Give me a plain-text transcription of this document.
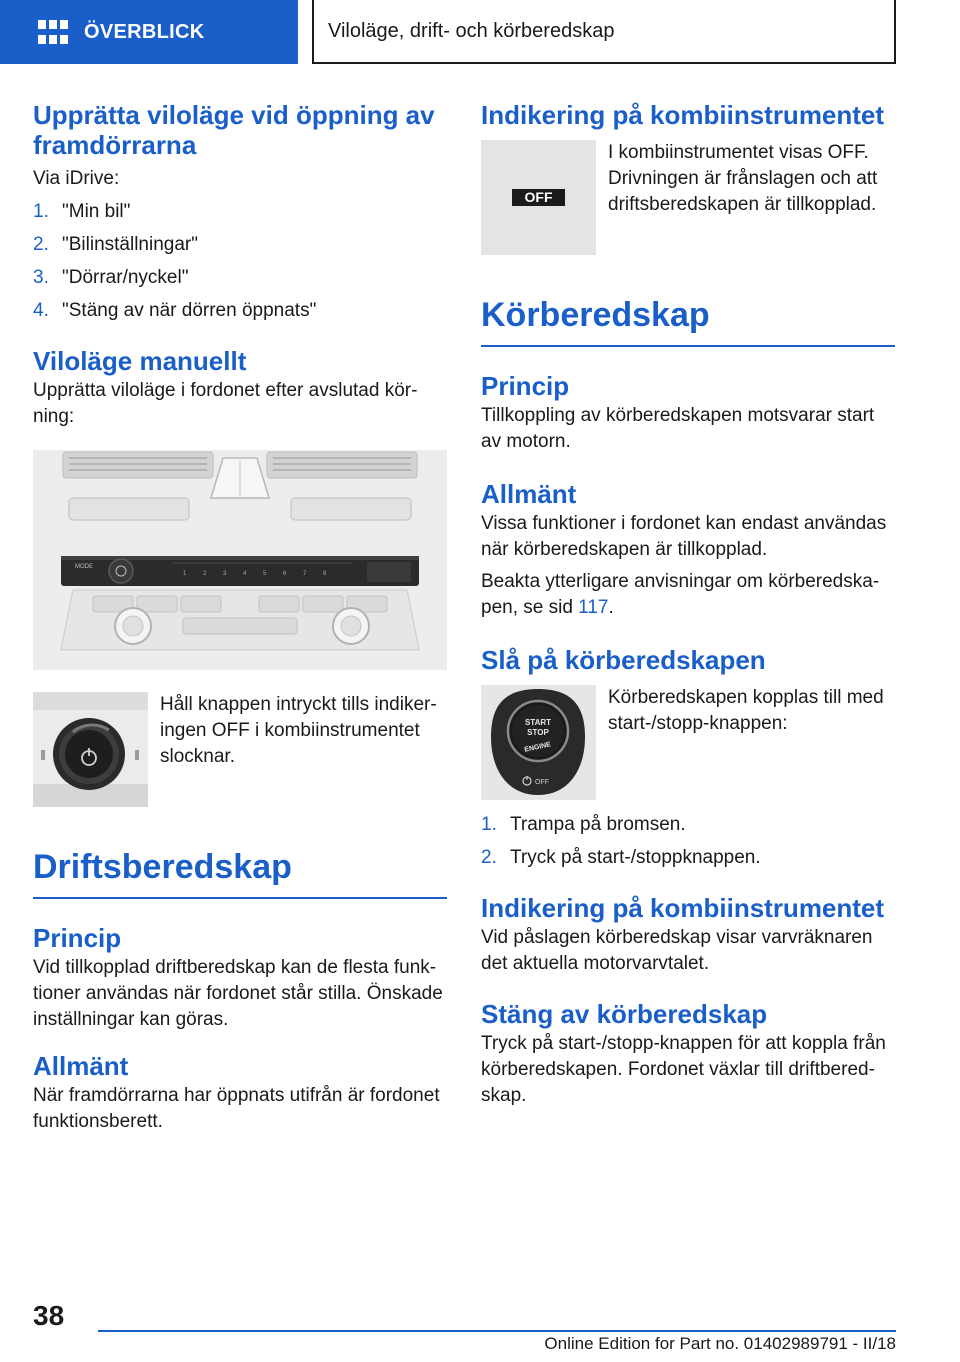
ÖVERBLICK	Viloläge, drift- och körberedskap
Upprätta viloläge vid öppning av framdörrarna
Via iDrive:
1. "Min bil"
2. "Bilinställningar"
3. "Dörrar/nyckel"
4. "Stäng av när dörren öppnats"
Viloläge manuellt
Upprätta viloläge i fordonet efter avslutad körning:
MODE
1	2	3	4	5	6	7	8
Håll knappen intryckt tills indikeringen OFF i kombiinstrumentet slocknar.
Driftsberedskap
Princip
Vid tillkopplad driftberedskap kan de flesta funktioner användas när fordonet står stilla. Önskade inställningar kan göras.
Allmänt
När framdörrarna har öppnats utifrån är fordonet funktionsberett.
Indikering på kombiinstrumentet
OFF
I kombiinstrumentet visas OFF. Drivningen är frånslagen och att driftsberedskapen är tillkopplad.
Körberedskap
Princip
Tillkoppling av körberedskapen motsvarar start av motorn.
Allmänt
Vissa funktioner i fordonet kan endast användas när körberedskapen är tillkopplad.
Beakta ytterligare anvisningar om körberedskapen, se sid 117.
Slå på körberedskapen
START
STOP
ENGINE
OFF
Körberedskapen kopplas till med start-/stopp-knappen:
1. Trampa på bromsen.
2. Tryck på start-/stoppknappen.
Indikering på kombiinstrumentet
Vid påslagen körberedskap visar varvräknaren det aktuella motorvarvtalet.
Stäng av körberedskap
Tryck på start-/stopp-knappen för att koppla från körberedskapen. Fordonet växlar till driftberedskap.
38
Online Edition for Part no. 01402989791 - II/18
